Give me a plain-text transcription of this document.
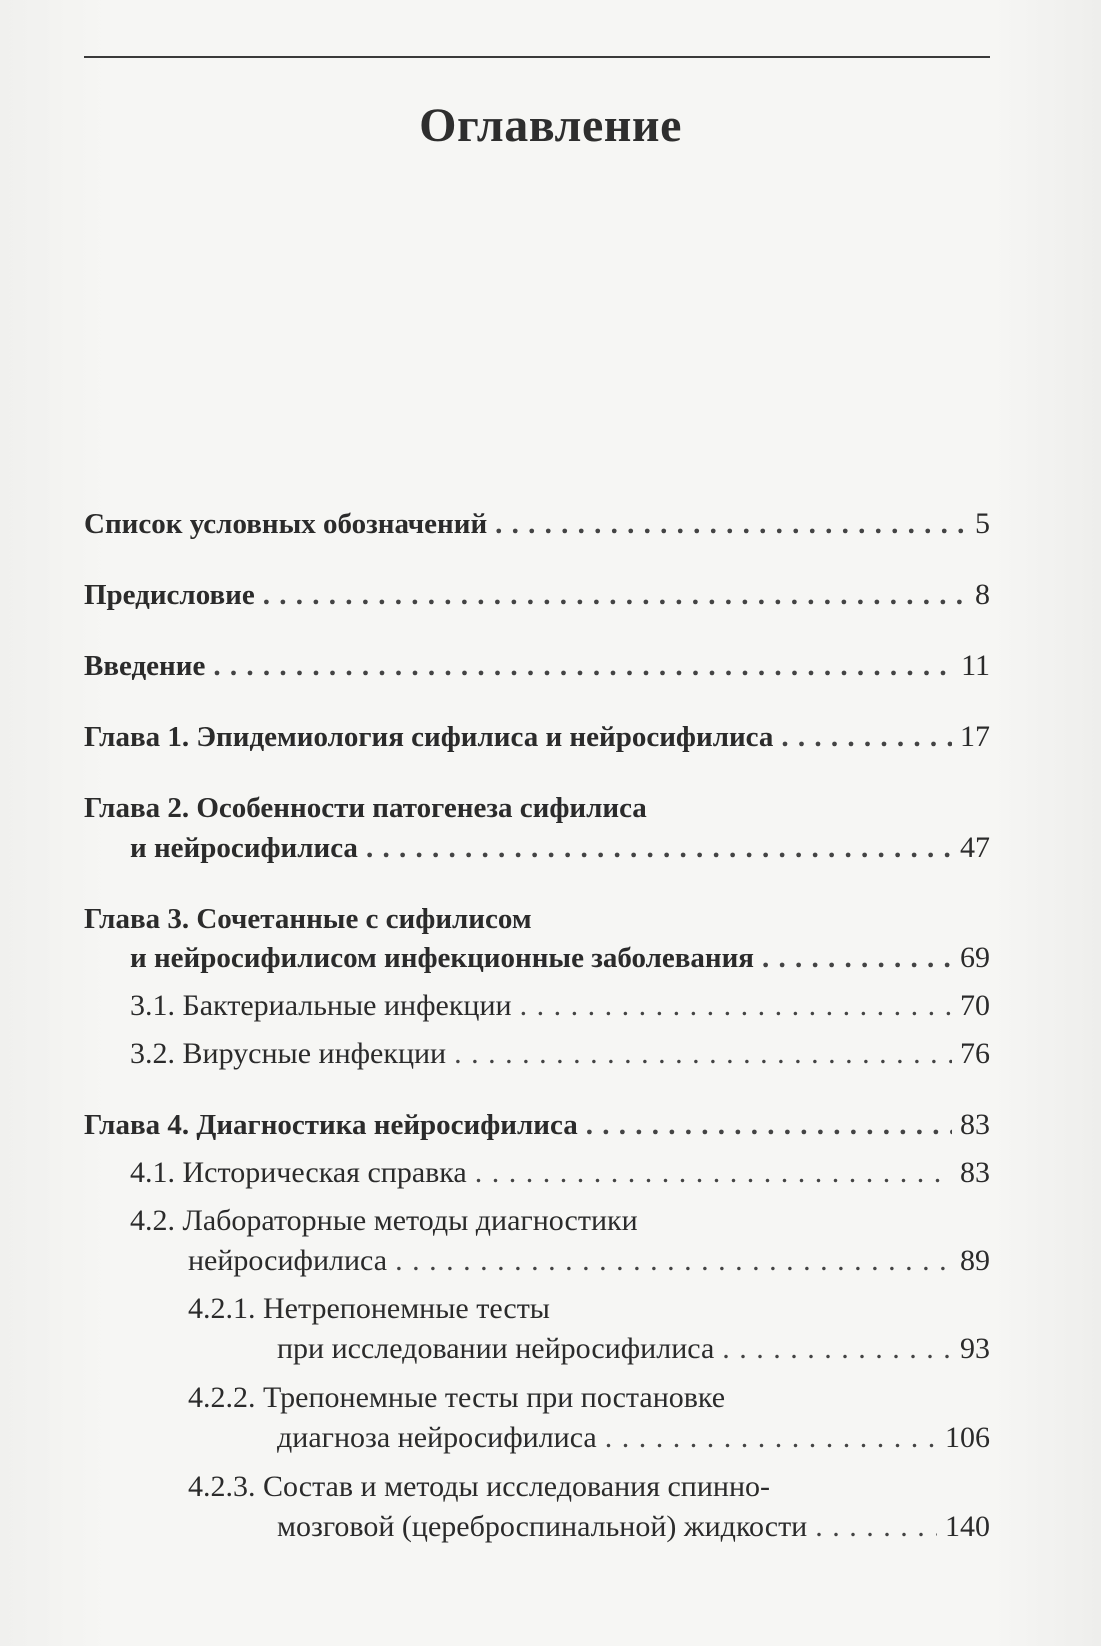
Оглавление
Список условных обозначений . . .	5
Предисловие . . .	8
Введение . . .	11
Глава 1. Эпидемиология сифилиса и нейросифилиса . . .	17
Глава 2. Особенности патогенеза сифилиса
и нейросифилиса . . .	47
Глава 3. Сочетанные с сифилисом
и нейросифилисом инфекционные заболевания . . .	69
3.1. Бактериальные инфекции . . .	70
3.2. Вирусные инфекции . . .	76
Глава 4. Диагностика нейросифилиса . . .	83
4.1. Историческая справка . . .	83
4.2. Лабораторные методы диагностики
нейросифилиса . . .	89
4.2.1. Нетрепонемные тесты
при исследовании нейросифилиса . . .	93
4.2.2. Трепонемные тесты при постановке
диагноза нейросифилиса . . .	106
4.2.3. Состав и методы исследования спинно-
мозговой (цереброспинальной) жидкости . . .	140
